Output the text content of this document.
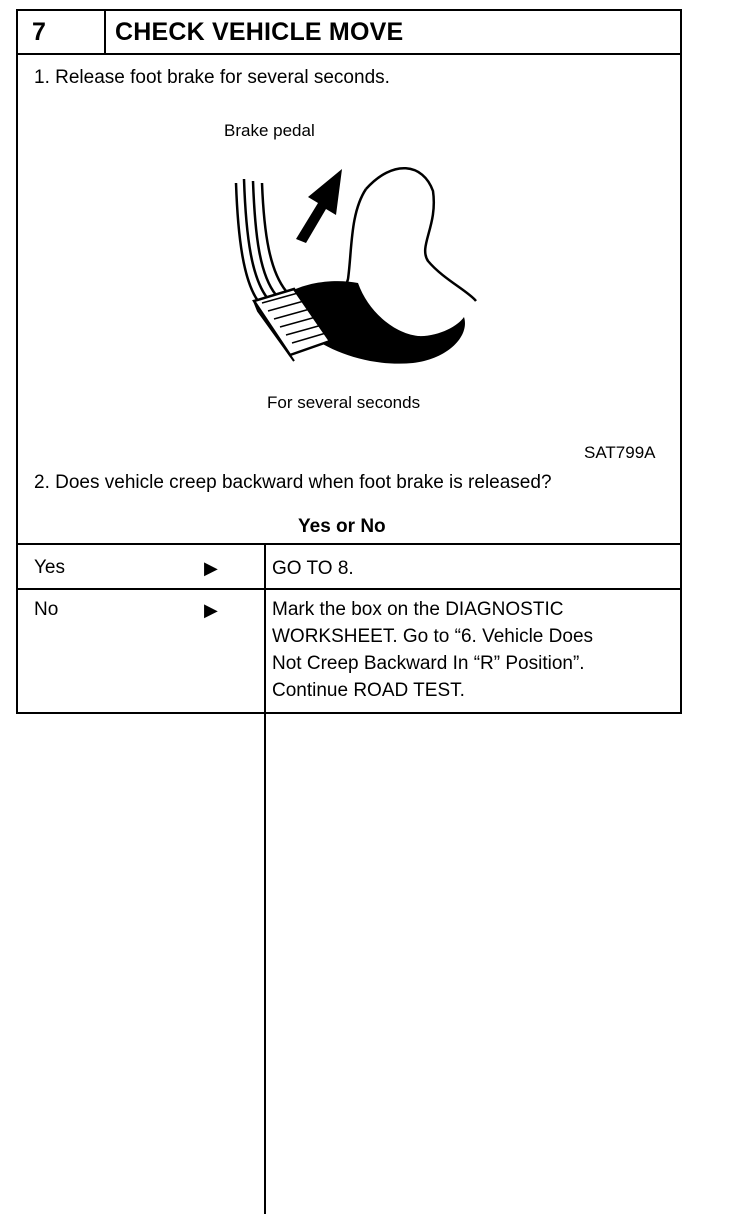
7	CHECK VEHICLE MOVE
1. Release foot brake for several seconds.
Brake pedal
For several seconds
SAT799A
2. Does vehicle creep backward when foot brake is released?
Yes or No
Yes	▶	GO TO 8.
No	▶	Mark the box on the DIAGNOSTIC
WORKSHEET. Go to “6. Vehicle Does
Not Creep Backward In “R” Position”.
Continue ROAD TEST.
